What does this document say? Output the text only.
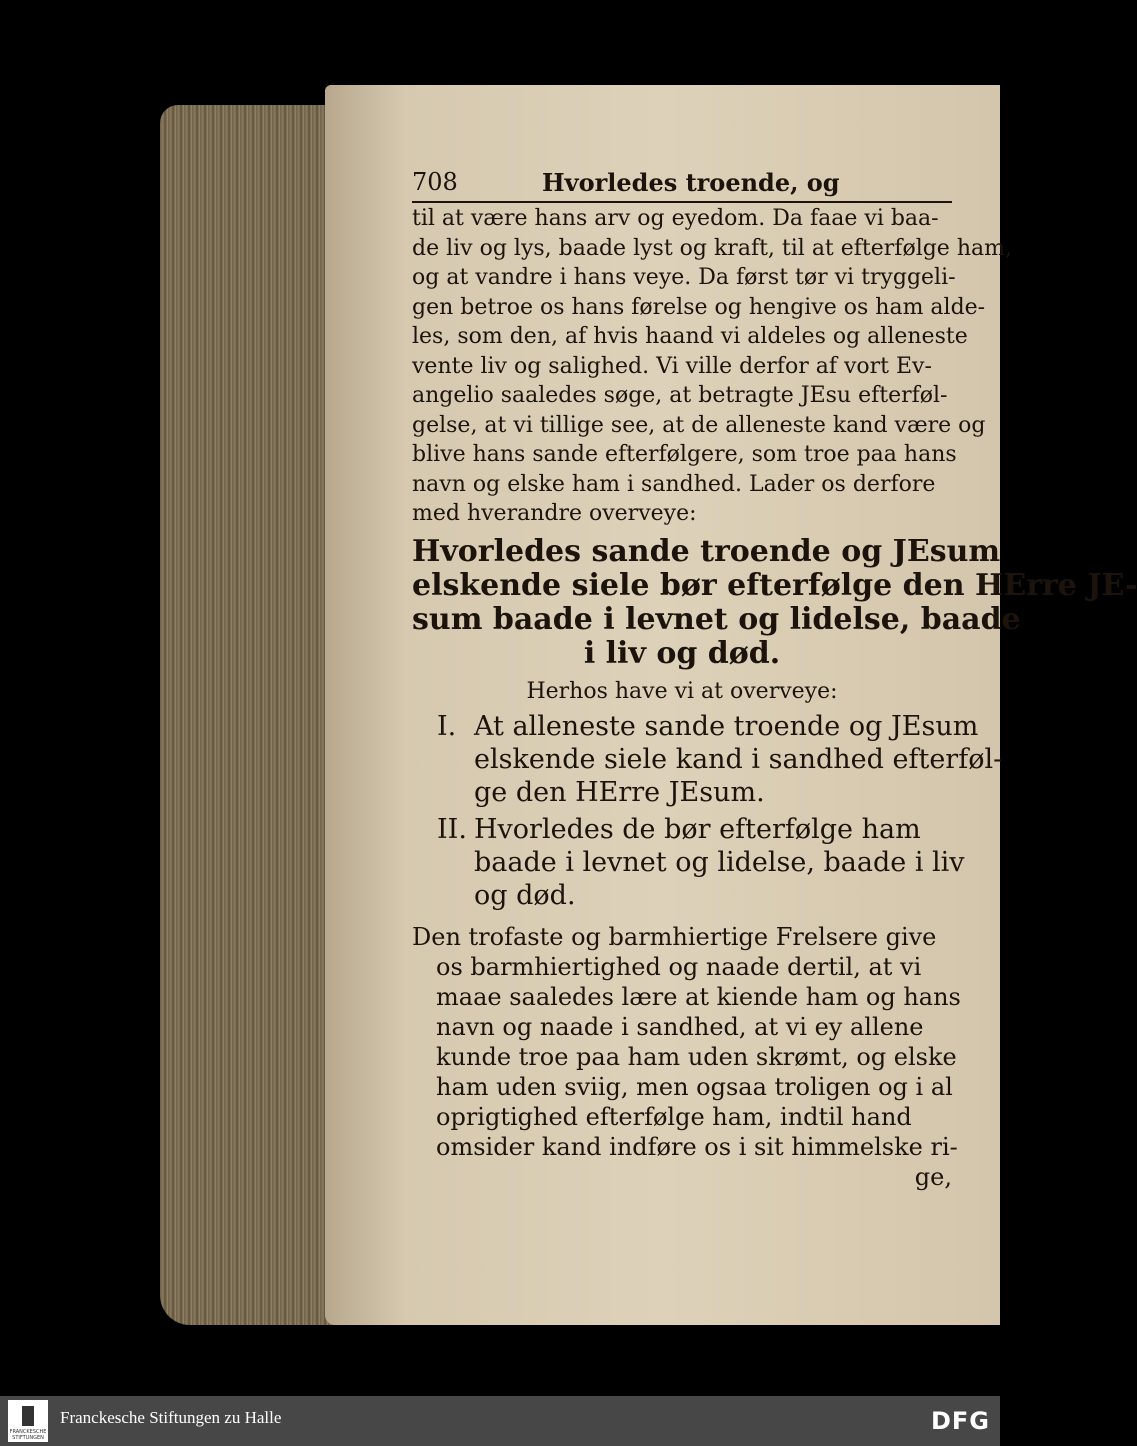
708	Hvorledes troende, og

til at være hans arv og eyedom. Da faae vi baa-
de liv og lys, baade lyst og kraft, til at efterfølge ham,
og at vandre i hans veye. Da først tør vi tryggeli-
gen betroe os hans førelse og hengive os ham alde-
les, som den, af hvis haand vi aldeles og alleneste
vente liv og salighed. Vi ville derfor af vort Ev-
angelio saaledes søge, at betragte JEsu efterføl-
gelse, at vi tillige see, at de alleneste kand være og
blive hans sande efterfølgere, som troe paa hans
navn og elske ham i sandhed. Lader os derfore
med hverandre overveye:

Hvorledes sande troende og JEsum
elskende siele bør efterfølge den HErre JE-
sum baade i levnet og lidelse, baade
i liv og død.
Herhos have vi at overveye:
I. At alleneste sande troende og JEsum
elskende siele kand i sandhed efterføl-
ge den HErre JEsum.
II. Hvorledes de bør efterfølge ham
baade i levnet og lidelse, baade i liv
og død.
Den trofaste og barmhiertige Frelsere give
os barmhiertighed og naade dertil, at vi
maae saaledes lære at kiende ham og hans
navn og naade i sandhed, at vi ey allene
kunde troe paa ham uden skrømt, og elske
ham uden sviig, men ogsaa troligen og i al
oprigtighed efterfølge ham, indtil hand
omsider kand indføre os i sit himmelske ri-
ge,
FRANCKESCHE STIFTUNGEN
Franckesche Stiftungen zu Halle	DFG
